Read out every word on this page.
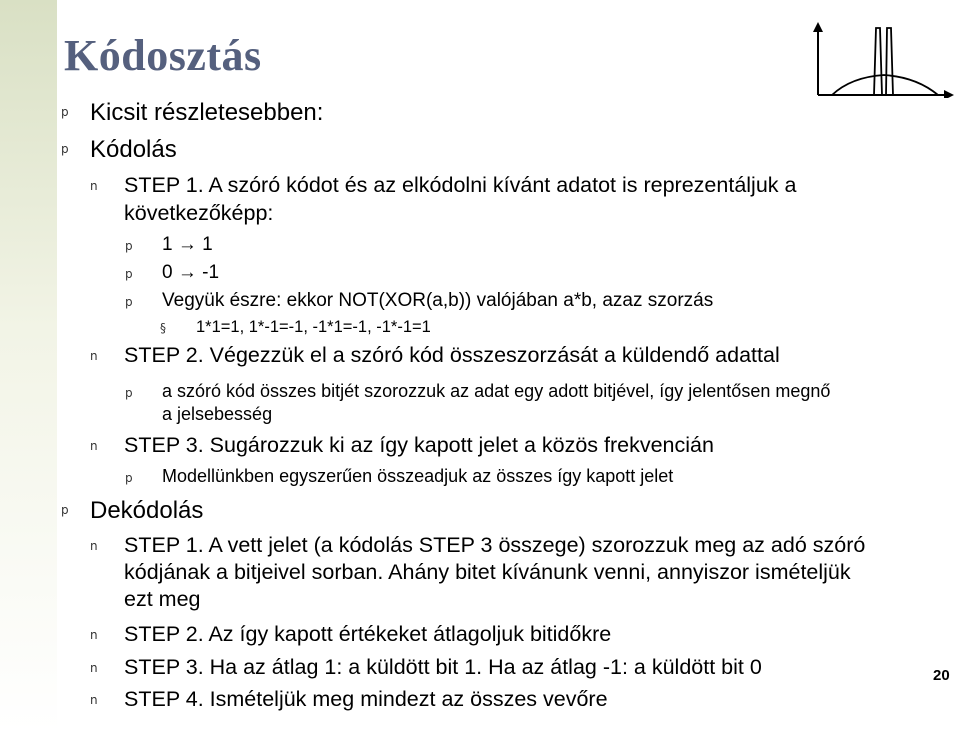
Kódosztás
p Kicsit részletesebben:
p Kódolás
n STEP 1. A szóró kódot és az elkódolni kívánt adatot is reprezentáljuk a
következőképp:
p 1 → 1
p 0 → -1
p Vegyük észre: ekkor NOT(XOR(a,b)) valójában a*b, azaz szorzás
§ 1*1=1, 1*-1=-1, -1*1=-1, -1*-1=1
n STEP 2. Végezzük el a szóró kód összeszorzását a küldendő adattal
p a szóró kód összes bitjét szorozzuk az adat egy adott bitjével, így jelentősen megnő
a jelsebesség
n STEP 3. Sugározzuk ki az így kapott jelet a közös frekvencián
p Modellünkben egyszerűen összeadjuk az összes így kapott jelet
p Dekódolás
n STEP 1. A vett jelet (a kódolás STEP 3 összege) szorozzuk meg az adó szóró
kódjának a bitjeivel sorban. Ahány bitet kívánunk venni, annyiszor ismételjük
ezt meg
n STEP 2. Az így kapott értékeket átlagoljuk bitidőkre
n STEP 3. Ha az átlag 1: a küldött bit 1. Ha az átlag -1: a küldött bit 0
n STEP 4. Ismételjük meg mindezt az összes vevőre
20
